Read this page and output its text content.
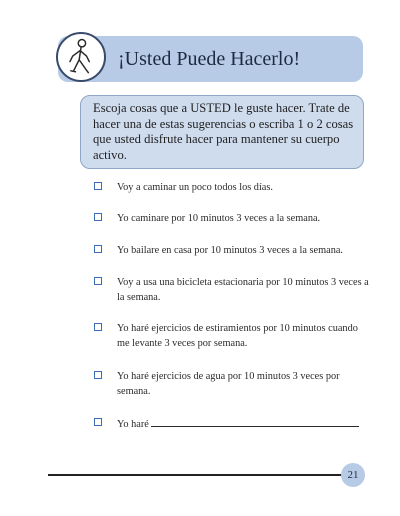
¡Usted Puede Hacerlo!
Escoja cosas que a USTED le guste hacer. Trate de hacer una de estas sugerencias o escriba 1 o 2 cosas que usted disfrute hacer para mantener su cuerpo activo.
Voy a caminar un poco todos los días.
Yo caminare por 10 minutos 3 veces a la semana.
Yo bailare en casa por 10 minutos 3 veces a la semana.
Voy a usa una bicicleta estacionaria por 10 minutos 3 veces a la semana.
Yo haré ejercicios de estiramientos por 10 minutos cuando me levante 3 veces por semana.
Yo haré ejercicios de agua por 10 minutos 3 veces por semana.
Yo haré
21
